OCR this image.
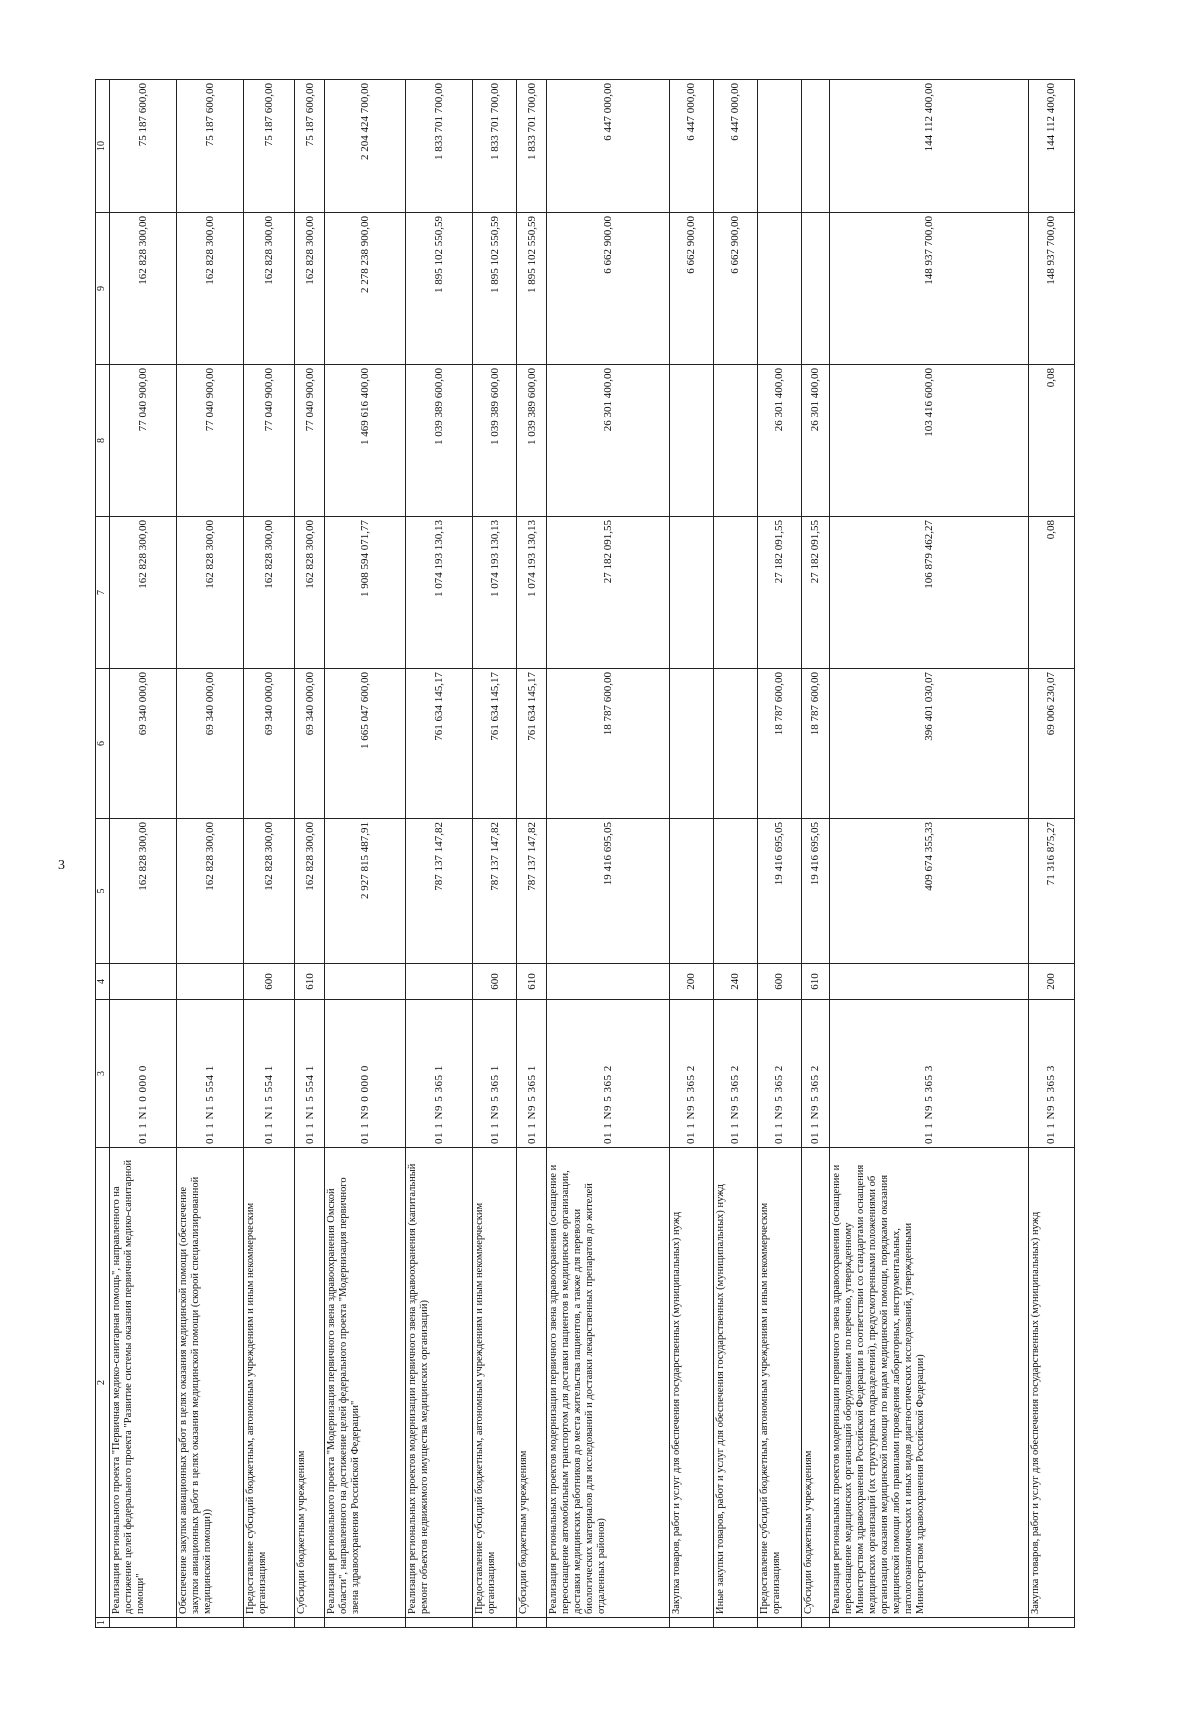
3
1	2	3	4	5	6	7	8	9	10
	Реализация регионального проекта "Первичная медико-санитарная помощь", направленного на достижение целей федерального проекта "Развитие системы оказания первичной медико-санитарной помощи"	01 1 N1 0 000 0		162 828 300,00	69 340 000,00	162 828 300,00	77 040 900,00	162 828 300,00	75 187 600,00
	Обеспечение закупки авиационных работ в целях оказания медицинской помощи (обеспечение закупки авиационных работ в целях оказания медицинской помощи (скорой специализированной медицинской помощи))	01 1 N1 5 554 1		162 828 300,00	69 340 000,00	162 828 300,00	77 040 900,00	162 828 300,00	75 187 600,00
	Предоставление субсидий бюджетным, автономным учреждениям и иным некоммерческим организациям	01 1 N1 5 554 1	600	162 828 300,00	69 340 000,00	162 828 300,00	77 040 900,00	162 828 300,00	75 187 600,00
	Субсидии бюджетным учреждениям	01 1 N1 5 554 1	610	162 828 300,00	69 340 000,00	162 828 300,00	77 040 900,00	162 828 300,00	75 187 600,00
	Реализация регионального проекта "Модернизация первичного звена здравоохранения Омской области", направленного на достижение целей федерального проекта "Модернизация первичного звена здравоохранения Российской Федерации"	01 1 N9 0 000 0		2 927 815 487,91	1 665 047 600,00	1 908 594 071,77	1 469 616 400,00	2 278 238 900,00	2 204 424 700,00
	Реализация региональных проектов модернизации первичного звена здравоохранения (капитальный ремонт объектов недвижимого имущества медицинских организаций)	01 1 N9 5 365 1		787 137 147,82	761 634 145,17	1 074 193 130,13	1 039 389 600,00	1 895 102 550,59	1 833 701 700,00
	Предоставление субсидий бюджетным, автономным учреждениям и иным некоммерческим организациям	01 1 N9 5 365 1	600	787 137 147,82	761 634 145,17	1 074 193 130,13	1 039 389 600,00	1 895 102 550,59	1 833 701 700,00
	Субсидии бюджетным учреждениям	01 1 N9 5 365 1	610	787 137 147,82	761 634 145,17	1 074 193 130,13	1 039 389 600,00	1 895 102 550,59	1 833 701 700,00
	Реализация региональных проектов модернизации первичного звена здравоохранения (оснащение и переоснащение автомобильным транспортом для доставки пациентов в медицинские организации, доставки медицинских работников до места жительства пациентов, а также для перевозки биологических материалов для исследований и доставки лекарственных препаратов до жителей отдаленных районов)	01 1 N9 5 365 2		19 416 695,05	18 787 600,00	27 182 091,55	26 301 400,00	6 662 900,00	6 447 000,00
	Закупка товаров, работ и услуг для обеспечения государственных (муниципальных) нужд	01 1 N9 5 365 2	200					6 662 900,00	6 447 000,00
	Иные закупки товаров, работ и услуг для обеспечения государственных (муниципальных) нужд	01 1 N9 5 365 2	240					6 662 900,00	6 447 000,00
	Предоставление субсидий бюджетным, автономным учреждениям и иным некоммерческим организациям	01 1 N9 5 365 2	600	19 416 695,05	18 787 600,00	27 182 091,55	26 301 400,00		
	Субсидии бюджетным учреждениям	01 1 N9 5 365 2	610	19 416 695,05	18 787 600,00	27 182 091,55	26 301 400,00		
	Реализация региональных проектов модернизации первичного звена здравоохранения (оснащение и переоснащение медицинских организаций оборудованием по перечню, утвержденному Министерством здравоохранения Российской Федерации в соответствии со стандартами оснащения медицинских организаций (их структурных подразделений), предусмотренными положениями об организации оказания медицинской помощи по видам медицинской помощи, порядками оказания медицинской помощи либо правилами проведения лабораторных, инструментальных, патологоанатомических и иных видов диагностических исследований, утвержденными Министерством здравоохранения Российской Федерации)	01 1 N9 5 365 3		409 674 355,33	396 401 030,07	106 879 462,27	103 416 600,00	148 937 700,00	144 112 400,00
	Закупка товаров, работ и услуг для обеспечения государственных (муниципальных) нужд	01 1 N9 5 365 3	200	71 316 875,27	69 006 230,07	0,08	0,08	148 937 700,00	144 112 400,00
